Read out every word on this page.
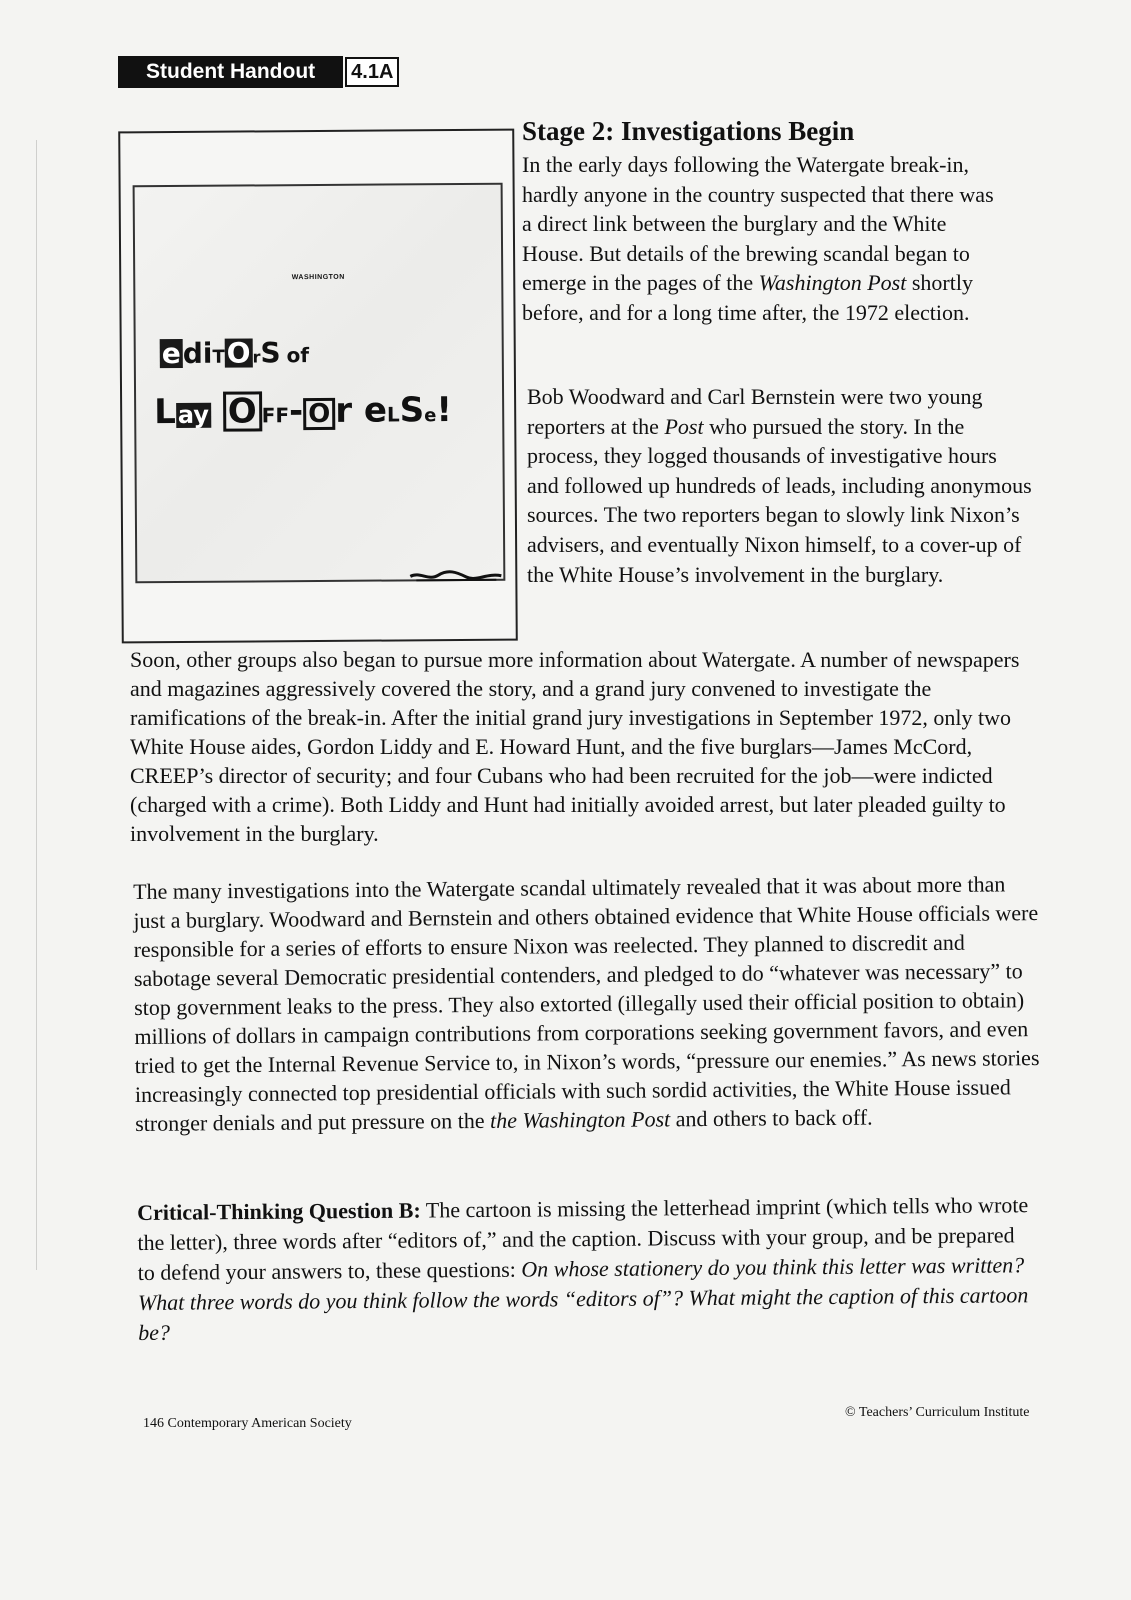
Student Handout	4.1A
WASHINGTON
ediTO rS of
Lay O FF- O r eLSe!
Stage 2: Investigations Begin

In the early days following the Watergate break-in, hardly anyone in the country suspected that there was a direct link between the burglary and the White House. But details of the brewing scandal began to emerge in the pages of the Washington Post shortly before, and for a long time after, the 1972 election.

Bob Woodward and Carl Bernstein were two young reporters at the Post who pursued the story. In the process, they logged thousands of investigative hours and followed up hundreds of leads, including anonymous sources. The two reporters began to slowly link Nixon’s advisers, and eventually Nixon himself, to a cover-up of the White House’s involvement in the burglary.

Soon, other groups also began to pursue more information about Watergate. A number of newspapers and magazines aggressively covered the story, and a grand jury convened to investigate the ramifications of the break-in. After the initial grand jury investigations in September 1972, only two White House aides, Gordon Liddy and E. Howard Hunt, and the five burglars—James McCord, CREEP’s director of security; and four Cubans who had been recruited for the job—were indicted (charged with a crime). Both Liddy and Hunt had initially avoided arrest, but later pleaded guilty to involvement in the burglary.

The many investigations into the Watergate scandal ultimately revealed that it was about more than just a burglary. Woodward and Bernstein and others obtained evidence that White House officials were responsible for a series of efforts to ensure Nixon was reelected. They planned to discredit and sabotage several Democratic presidential contenders, and pledged to do “whatever was necessary” to stop government leaks to the press. They also extorted (illegally used their official position to obtain) millions of dollars in campaign contributions from corporations seeking government favors, and even tried to get the Internal Revenue Service to, in Nixon’s words, “pressure our enemies.” As news stories increasingly connected top presidential officials with such sordid activities, the White House issued stronger denials and put pressure on the the Washington Post and others to back off.

Critical-Thinking Question B: The cartoon is missing the letterhead imprint (which tells who wrote the letter), three words after “editors of,” and the caption. Discuss with your group, and be prepared to defend your answers to, these questions: On whose stationery do you think this letter was written? What three words do you think follow the words “editors of”? What might the caption of this cartoon be?

146 Contemporary American Society
© Teachers’ Curriculum Institute
